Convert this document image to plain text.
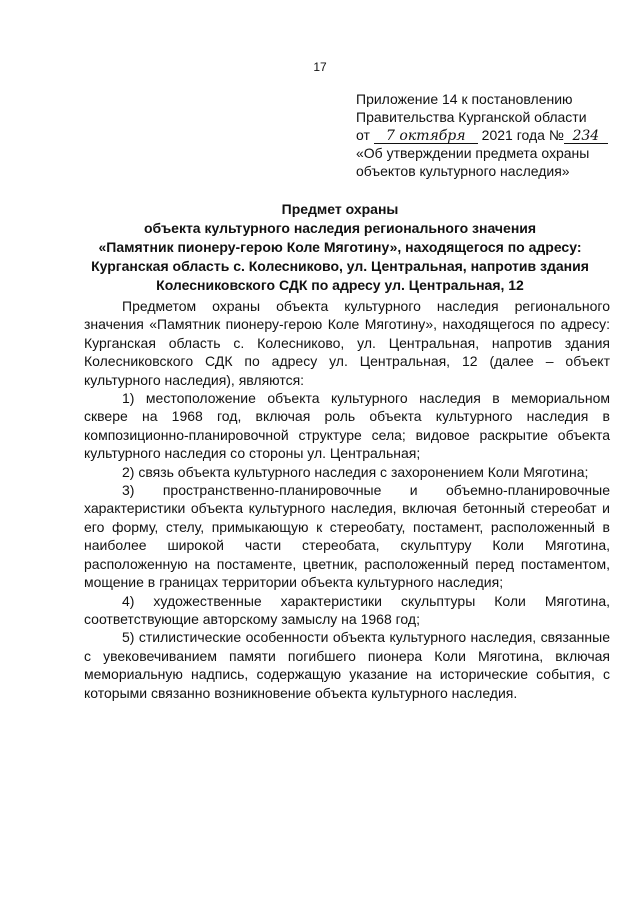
17
Приложение 14 к постановлению
Правительства Курганской области
от 7 октября 2021 года № 234
«Об утверждении предмета охраны
объектов культурного наследия»
Предмет охраны
объекта культурного наследия регионального значения
«Памятник пионеру-герою Коле Мяготину», находящегося по адресу:
Курганская область с. Колесниково, ул. Центральная, напротив здания
Колесниковского СДК по адресу ул. Центральная, 12

Предметом охраны объекта культурного наследия регионального значения «Памятник пионеру-герою Коле Мяготину», находящегося по адресу: Курганская область с. Колесниково, ул. Центральная, напротив здания Колесниковского СДК по адресу ул. Центральная, 12 (далее – объект культурного наследия), являются:

1) местоположение объекта культурного наследия в мемориальном сквере на 1968 год, включая роль объекта культурного наследия в композиционно-планировочной структуре села; видовое раскрытие объекта культурного наследия со стороны ул. Центральная;

2) связь объекта культурного наследия с захоронением Коли Мяготина;

3) пространственно-планировочные и объемно-планировочные характеристики объекта культурного наследия, включая бетонный стереобат и его форму, стелу, примыкающую к стереобату, постамент, расположенный в наиболее широкой части стереобата, скульптуру Коли Мяготина, расположенную на постаменте, цветник, расположенный перед постаментом, мощение в границах территории объекта культурного наследия;

4) художественные характеристики скульптуры Коли Мяготина, соответствующие авторскому замыслу на 1968 год;

5) стилистические особенности объекта культурного наследия, связанные с увековечиванием памяти погибшего пионера Коли Мяготина, включая мемориальную надпись, содержащую указание на исторические события, с которыми связанно возникновение объекта культурного наследия.
